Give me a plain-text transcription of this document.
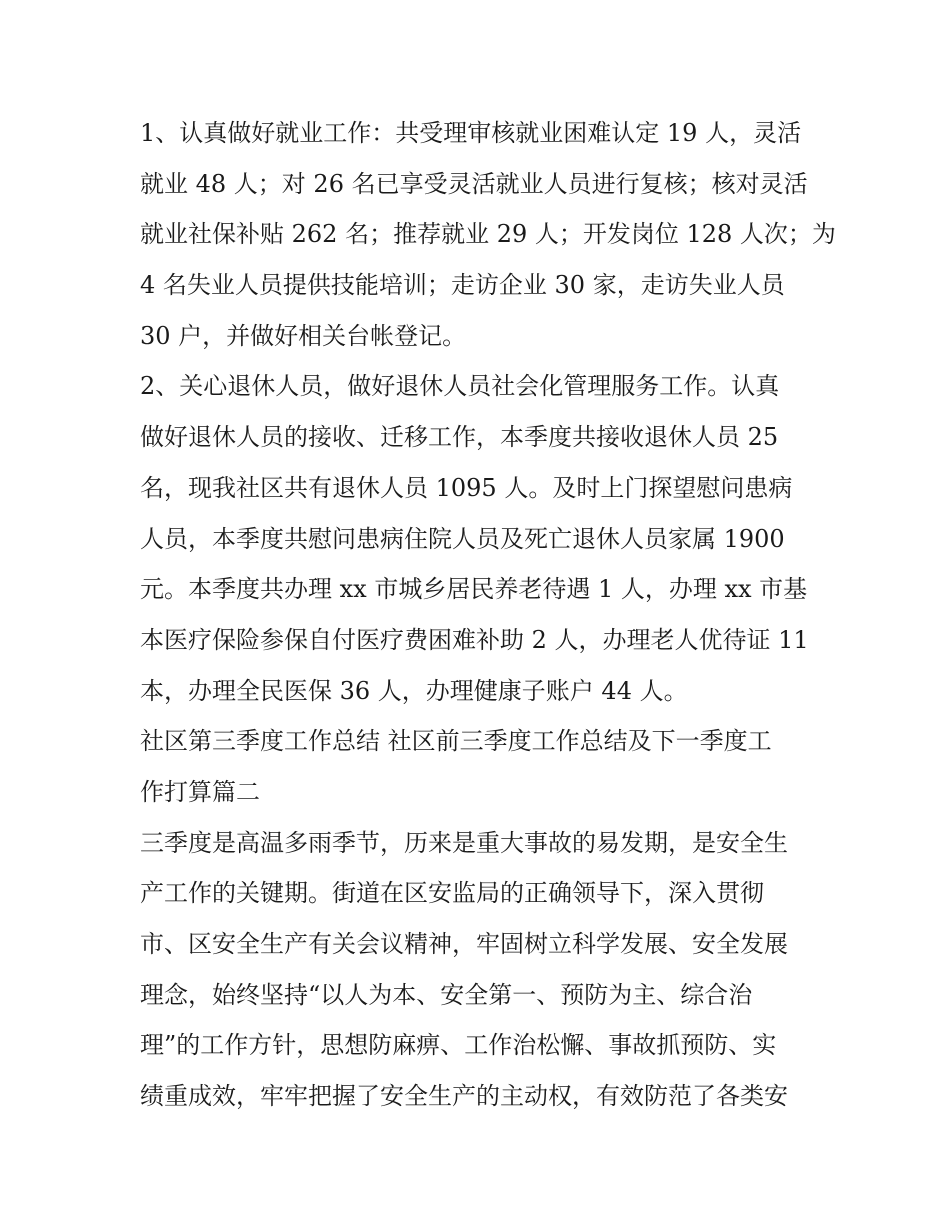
1、认真做好就业工作：共受理审核就业困难认定 19 人，灵活
就业 48 人；对 26 名已享受灵活就业人员进行复核；核对灵活
就业社保补贴 262 名；推荐就业 29 人；开发岗位 128 人次；为
4 名失业人员提供技能培训；走访企业 30 家，走访失业人员
30 户，并做好相关台帐登记。
2、关心退休人员，做好退休人员社会化管理服务工作。认真
做好退休人员的接收、迁移工作，本季度共接收退休人员 25
名，现我社区共有退休人员 1095 人。及时上门探望慰问患病
人员，本季度共慰问患病住院人员及死亡退休人员家属 1900
元。本季度共办理 xx 市城乡居民养老待遇 1 人，办理 xx 市基
本医疗保险参保自付医疗费困难补助 2 人，办理老人优待证 11
本，办理全民医保 36 人，办理健康子账户 44 人。
社区第三季度工作总结 社区前三季度工作总结及下一季度工
作打算篇二
三季度是高温多雨季节，历来是重大事故的易发期，是安全生
产工作的关键期。街道在区安监局的正确领导下，深入贯彻
市、区安全生产有关会议精神，牢固树立科学发展、安全发展
理念，始终坚持“以人为本、安全第一、预防为主、综合治
理”的工作方针，思想防麻痹、工作治松懈、事故抓预防、实
绩重成效，牢牢把握了安全生产的主动权，有效防范了各类安
